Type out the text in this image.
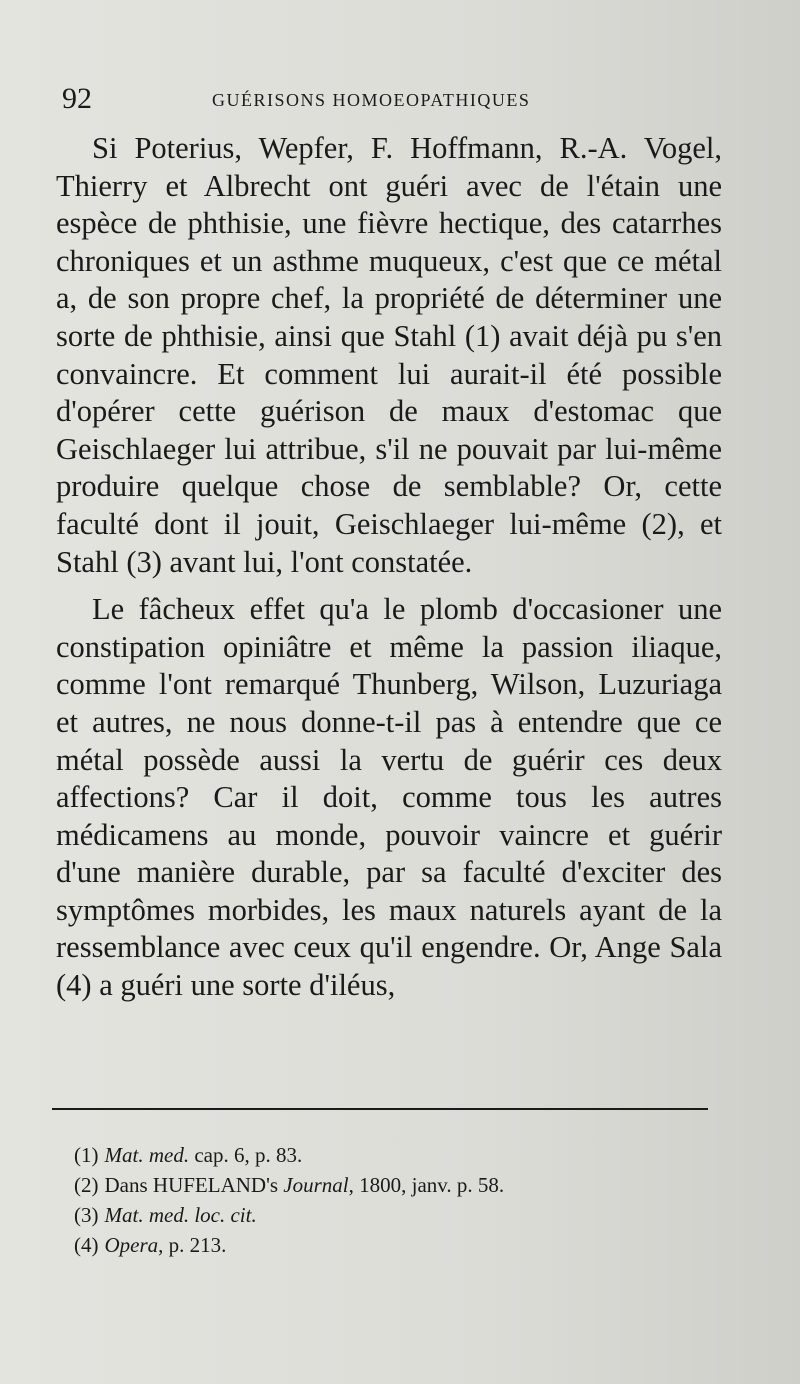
92	GUÉRISONS HOMOEOPATHIQUES

Si Poterius, Wepfer, F. Hoffmann, R.-A. Vogel, Thierry et Albrecht ont guéri avec de l'étain une espèce de phthisie, une fièvre hectique, des catarrhes chroniques et un asthme muqueux, c'est que ce métal a, de son propre chef, la propriété de déterminer une sorte de phthisie, ainsi que Stahl (1) avait déjà pu s'en convaincre. Et comment lui aurait-il été possible d'opérer cette guérison de maux d'estomac que Geischlaeger lui attribue, s'il ne pouvait par lui-même produire quelque chose de semblable? Or, cette faculté dont il jouit, Geischlaeger lui-même (2), et Stahl (3) avant lui, l'ont constatée.

Le fâcheux effet qu'a le plomb d'occasioner une constipation opiniâtre et même la passion iliaque, comme l'ont remarqué Thunberg, Wilson, Luzuriaga et autres, ne nous donne-t-il pas à entendre que ce métal possède aussi la vertu de guérir ces deux affections? Car il doit, comme tous les autres médicamens au monde, pouvoir vaincre et guérir d'une manière durable, par sa faculté d'exciter des symptômes morbides, les maux naturels ayant de la ressemblance avec ceux qu'il engendre. Or, Ange Sala (4) a guéri une sorte d'iléus,

(1) Mat. med. cap. 6, p. 83.
(2) Dans HUFELAND's Journal, 1800, janv. p. 58.
(3) Mat. med. loc. cit.
(4) Opera, p. 213.
